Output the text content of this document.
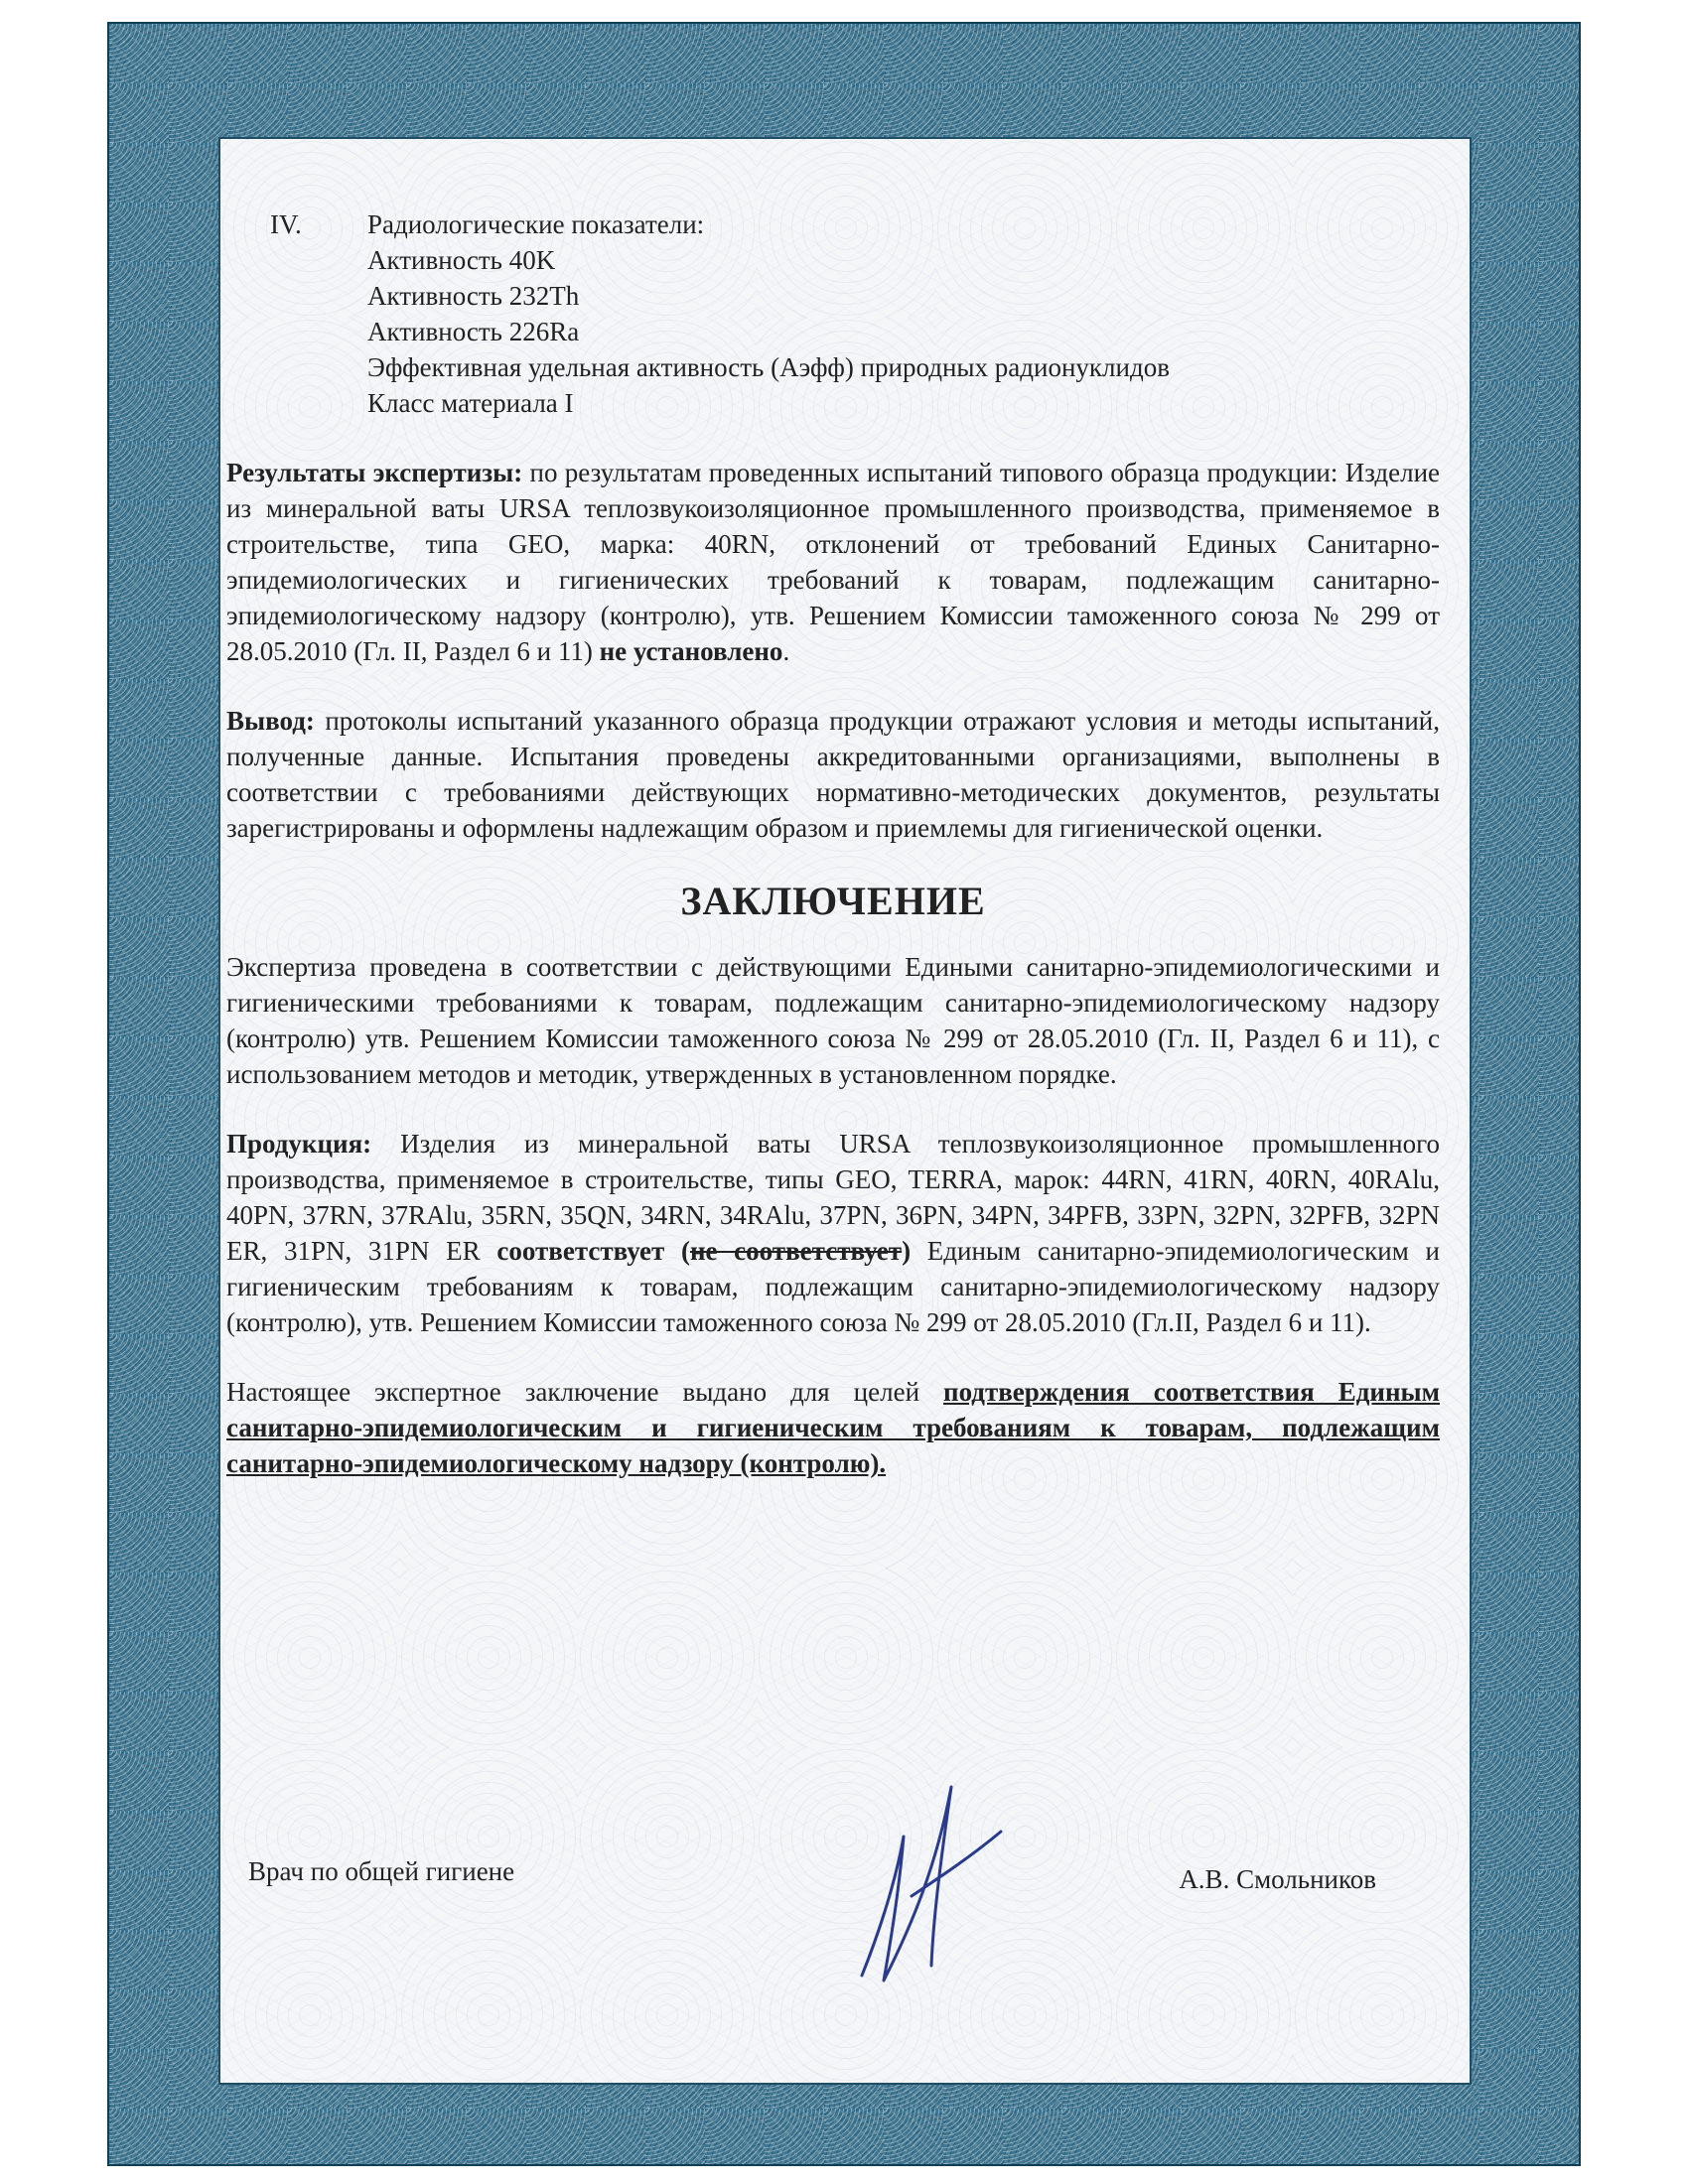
IV.	Радиологические показатели:
Активность 40K
Активность 232Th
Активность 226Ra
Эффективная удельная активность (Аэфф) природных радионуклидов
Класс материала I

Результаты экспертизы: по результатам проведенных испытаний типового образца продукции: Изделие из минеральной ваты URSA теплозвукоизоляционное промышленного производства, применяемое в строительстве, типа GEO, марка: 40RN, отклонений от требований Единых Санитарно-эпидемиологических и гигиенических требований к товарам, подлежащим санитарно-эпидемиологическому надзору (контролю), утв. Решением Комиссии таможенного союза № 299 от 28.05.2010 (Гл. II, Раздел 6 и 11) не установлено.

Вывод: протоколы испытаний указанного образца продукции отражают условия и методы испытаний, полученные данные. Испытания проведены аккредитованными организациями, выполнены в соответствии с требованиями действующих нормативно-методических документов, результаты зарегистрированы и оформлены надлежащим образом и приемлемы для гигиенической оценки.

ЗАКЛЮЧЕНИЕ

Экспертиза проведена в соответствии с действующими Едиными санитарно-эпидемиологическими и гигиеническими требованиями к товарам, подлежащим санитарно-эпидемиологическому надзору (контролю) утв. Решением Комиссии таможенного союза № 299 от 28.05.2010 (Гл. II, Раздел 6 и 11), с использованием методов и методик, утвержденных в установленном порядке.

Продукция: Изделия из минеральной ваты URSA теплозвукоизоляционное промышленного производства, применяемое в строительстве, типы GEO, TERRA, марок: 44RN, 41RN, 40RN, 40RAlu, 40PN, 37RN, 37RAlu, 35RN, 35QN, 34RN, 34RAlu, 37PN, 36PN, 34PN, 34PFB, 33PN, 32PN, 32PFB, 32PN ER, 31PN, 31PN ER соответствует (не соответствует) Единым санитарно-эпидемиологическим и гигиеническим требованиям к товарам, подлежащим санитарно-эпидемиологическому надзору (контролю), утв. Решением Комиссии таможенного союза № 299 от 28.05.2010 (Гл.II, Раздел 6 и 11).

Настоящее экспертное заключение выдано для целей подтверждения соответствия Единым санитарно-эпидемиологическим и гигиеническим требованиям к товарам, подлежащим санитарно-эпидемиологическому надзору (контролю).

Врач по общей гигиене	А.В. Смольников
